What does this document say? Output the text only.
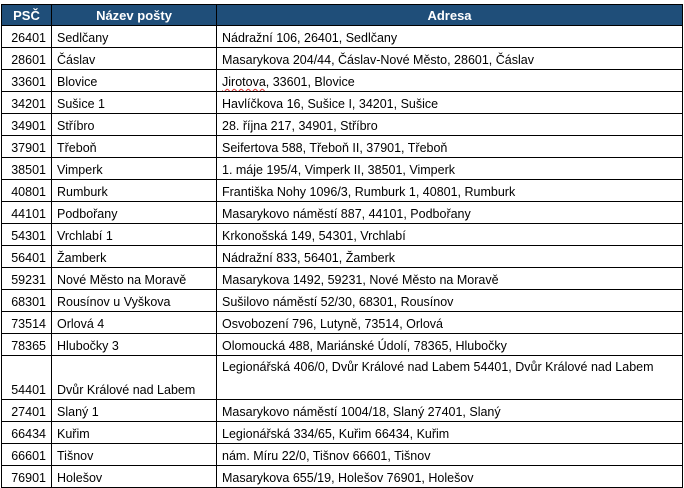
PSČ	Název pošty	Adresa
26401	Sedlčany	Nádražní 106, 26401, Sedlčany
28601	Čáslav	Masarykova 204/44, Čáslav-Nové Město, 28601, Čáslav
33601	Blovice	Jirotova, 33601, Blovice
34201	Sušice 1	Havlíčkova 16, Sušice I, 34201, Sušice
34901	Stříbro	28. října 217, 34901, Stříbro
37901	Třeboň	Seifertova 588, Třeboň II, 37901, Třeboň
38501	Vimperk	1. máje 195/4, Vimperk II, 38501, Vimperk
40801	Rumburk	Františka Nohy 1096/3, Rumburk 1, 40801, Rumburk
44101	Podbořany	Masarykovo náměstí 887, 44101, Podbořany
54301	Vrchlabí 1	Krkonošská 149, 54301, Vrchlabí
56401	Žamberk	Nádražní 833, 56401, Žamberk
59231	Nové Město na Moravě	Masarykova 1492, 59231, Nové Město na Moravě
68301	Rousínov u Vyškova	Sušilovo náměstí 52/30, 68301, Rousínov
73514	Orlová 4	Osvobození 796, Lutyně, 73514, Orlová
78365	Hlubočky 3	Olomoucká 488, Mariánské Údolí, 78365, Hlubočky
54401	Dvůr Králové nad Labem	Legionářská 406/0, Dvůr Králové nad Labem 54401, Dvůr Králové nad Labem
27401	Slaný 1	Masarykovo náměstí 1004/18, Slaný 27401, Slaný
66434	Kuřim	Legionářská 334/65, Kuřim 66434, Kuřim
66601	Tišnov	nám. Míru 22/0, Tišnov 66601, Tišnov
76901	Holešov	Masarykova 655/19, Holešov 76901, Holešov
